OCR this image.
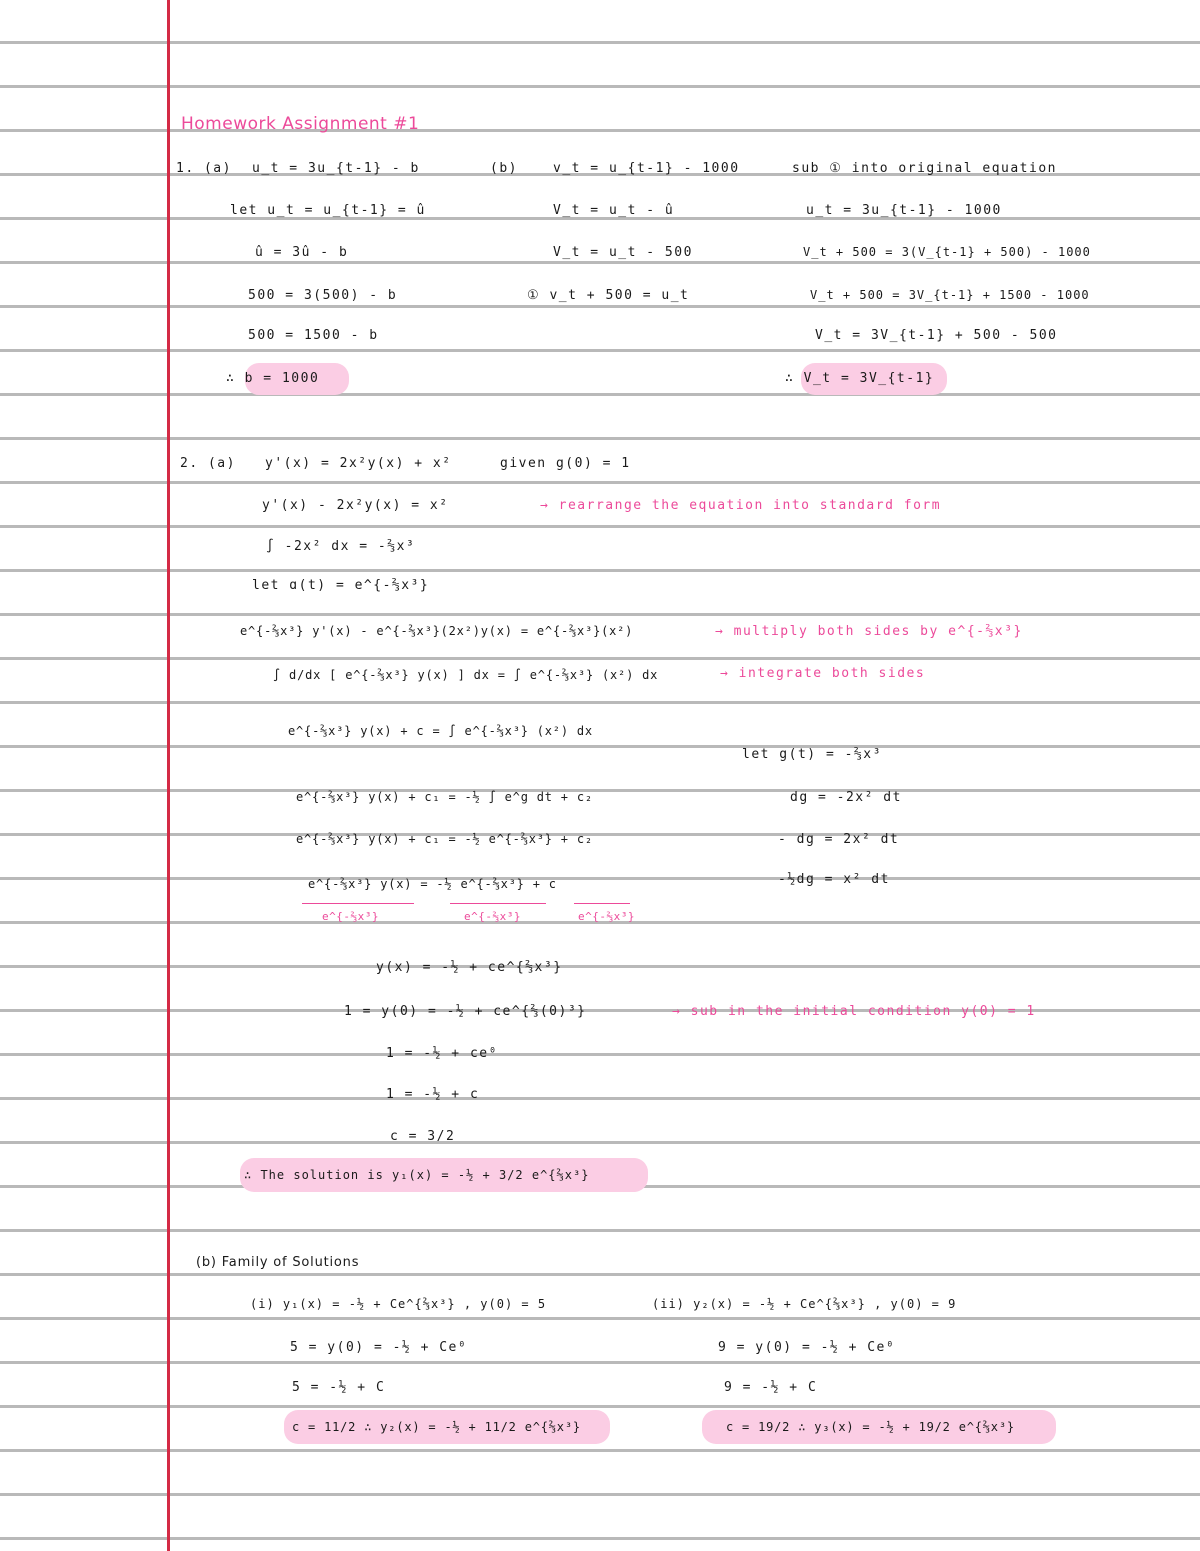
Homework Assignment #1
1. (a) u_t = 3u_{t-1} - b
let u_t = u_{t-1} = û
û = 3û - b
500 = 3(500) - b
500 = 1500 - b
∴ b = 1000
(b)	v_t = u_{t-1} - 1000
V_t = u_t - û
V_t = u_t - 500
① v_t + 500 = u_t
sub ① into original equation
u_t = 3u_{t-1} - 1000
V_t + 500 = 3(V_{t-1} + 500) - 1000
V_t + 500 = 3V_{t-1} + 1500 - 1000
V_t = 3V_{t-1} + 500 - 500
∴ V_t = 3V_{t-1}
2. (a) y'(x) = 2x²y(x) + x²	given g(0) = 1
y'(x) - 2x²y(x) = x²	→ rearrange the equation into standard form
∫ -2x² dx = -⅔x³
let ɑ(t) = e^{-⅔x³}
e^{-⅔x³} y'(x) - e^{-⅔x³}(2x²)y(x) = e^{-⅔x³}(x²)	→ multiply both sides by e^{-⅔x³}
∫ d/dx [ e^{-⅔x³} y(x) ] dx = ∫ e^{-⅔x³} (x²) dx	→ integrate both sides
e^{-⅔x³} y(x) + c = ∫ e^{-⅔x³} (x²) dx
e^{-⅔x³} y(x) + c₁ = -½ ∫ e^g dt + c₂
e^{-⅔x³} y(x) + c₁ = -½ e^{-⅔x³} + c₂
e^{-⅔x³} y(x) = -½ e^{-⅔x³} + c
e^{-⅔x³}	e^{-⅔x³}	e^{-⅔x³}
let g(t) = -⅔x³
dg = -2x² dt
- dg = 2x² dt
-½dg = x² dt
y(x) = -½ + ce^{⅔x³}
1 = y(0) = -½ + ce^{⅔(0)³}	→ sub in the initial condition y(0) = 1
1 = -½ + ce⁰
1 = -½ + c
c = 3/2
∴ The solution is y₁(x) = -½ + 3/2 e^{⅔x³}
(b) Family of Solutions
(i) y₁(x) = -½ + Ce^{⅔x³} , y(0) = 5
5 = y(0) = -½ + Ce⁰
5 = -½ + C
c = 11/2 ∴ y₂(x) = -½ + 11/2 e^{⅔x³}
(ii) y₂(x) = -½ + Ce^{⅔x³} , y(0) = 9
9 = y(0) = -½ + Ce⁰
9 = -½ + C
c = 19/2 ∴ y₃(x) = -½ + 19/2 e^{⅔x³}
